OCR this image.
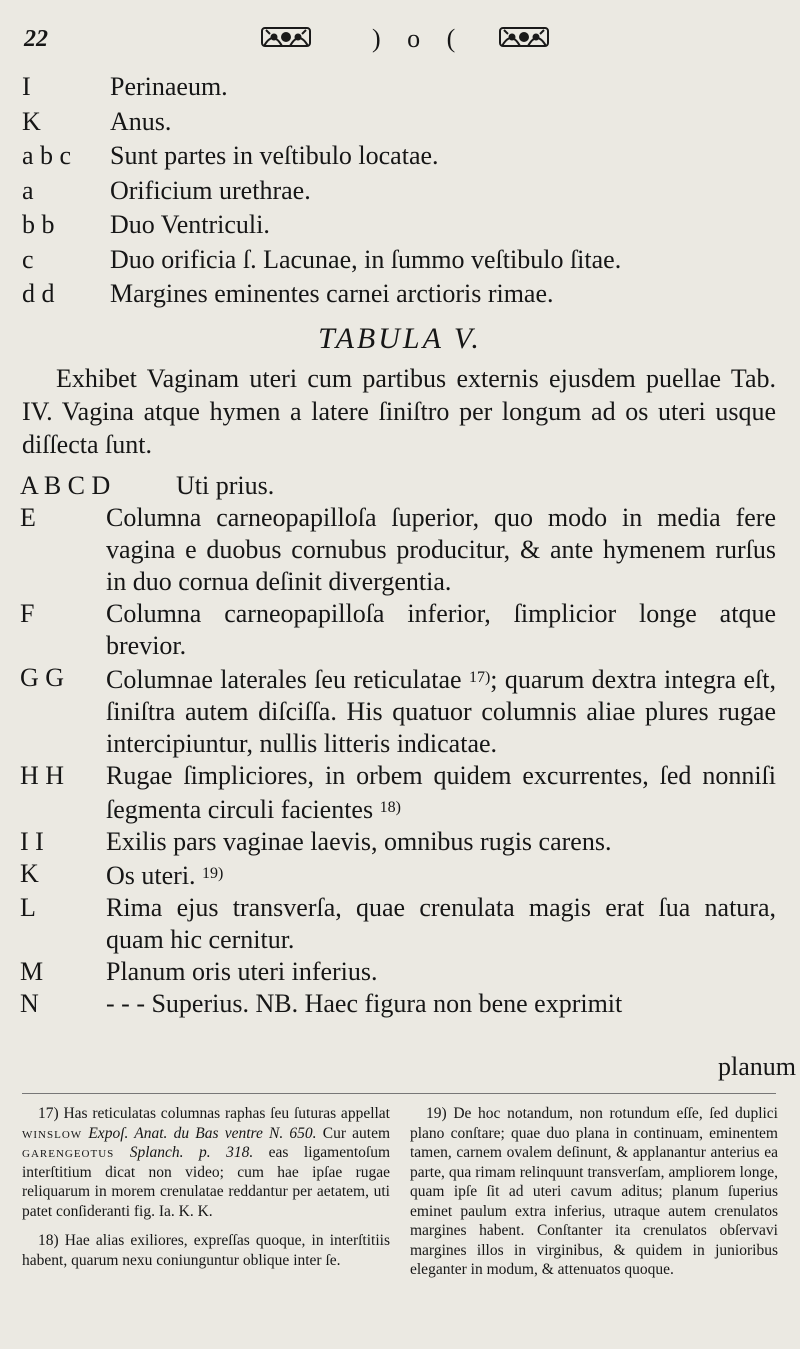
22	) o (
I	Perinaeum.
K	Anus.
a b c	Sunt partes in veſtibulo locatae.
a	Orificium urethrae.
b b	Duo Ventriculi.
c	Duo orificia ſ. Lacunae, in ſummo veſtibulo ſitae.
d d	Margines eminentes carnei arctioris rimae.
TABULA V.
Exhibet Vaginam uteri cum partibus externis ejusdem puellae Tab. IV. Vagina atque hymen a latere ſiniſtro per longum ad os uteri usque diſſecta ſunt.
A B C D	Uti prius.
E	Columna carneopapilloſa ſuperior, quo modo in media fere vagina e duobus cornubus producitur, & ante hymenem rurſus in duo cornua deſinit divergentia.
F	Columna carneopapilloſa inferior, ſimplicior longe atque brevior.
G G	Columnae laterales ſeu reticulatae $^{17)}$; quarum dextra integra eſt, ſiniſtra autem diſciſſa. His quatuor columnis aliae plures rugae intercipiuntur, nullis litteris indicatae.
H H	Rugae ſimpliciores, in orbem quidem excurrentes, ſed nonniſi ſegmenta circuli facientes $^{18)}$
I I	Exilis pars vaginae laevis, omnibus rugis carens.
K	Os uteri. $^{19)}$
L	Rima ejus transverſa, quae crenulata magis erat ſua natura, quam hic cernitur.
M	Planum oris uteri inferius.
N	- - - Superius. NB. Haec figura non bene exprimit
planum

17) Has reticulatas columnas raphas ſeu ſuturas appellat winslow Expoſ. Anat. du Bas ventre N. 650. Cur autem garengeotus Splanch. p. 318. eas ligamentoſum interſtitium dicat non video; cum hae ipſae rugae reliquarum in morem crenulatae reddantur per aetatem, uti patet conſideranti fig. Ia. K. K.

18) Hae alias exiliores, expreſſas quoque, in interſtitiis habent, quarum nexu coniunguntur oblique inter ſe.

19) De hoc notandum, non rotundum eſſe, ſed duplici plano conſtare; quae duo plana in continuam, eminentem tamen, carnem ovalem deſinunt, & applanantur anterius ea parte, qua rimam relinquunt transverſam, ampliorem longe, quam ipſe ſit ad uteri cavum aditus; planum ſuperius eminet paulum extra inferius, utraque autem crenulatos margines habent. Conſtanter ita crenulatos obſervavi margines illos in virginibus, & quidem in junioribus eleganter in modum, & attenuatos quoque.
